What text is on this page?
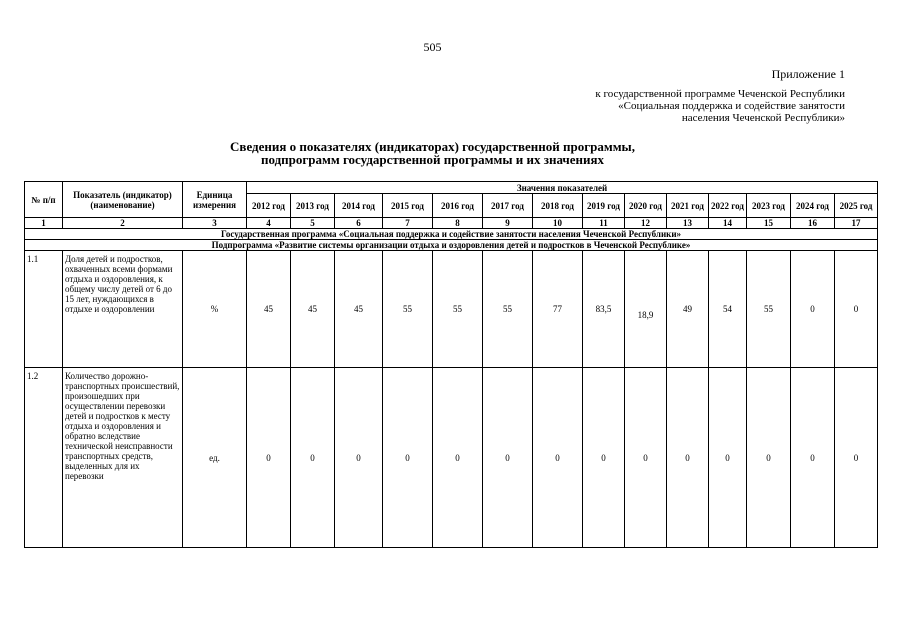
505
Приложение 1
к государственной программе Чеченской Республики
«Социальная поддержка и содействие занятости
населения Чеченской Республики»
Сведения о показателях (индикаторах) государственной программы,
подпрограмм государственной программы и их значениях
№ п/п	Показатель (индикатор) (наименование)	Единица измерения	Значения показателей													
			2012 год	2013 год	2014 год	2015 год	2016 год	2017 год	2018 год	2019 год	2020 год	2021 год	2022 год	2023 год	2024 год	2025 год
1	2	3	4	5	6	7	8	9	10	11	12	13	14	15	16	17
Государственная программа «Социальная поддержка и содействие занятости населения Чеченской Республики»																
Подпрограмма «Развитие системы организации отдыха и оздоровления детей и подростков в Чеченской Республике»																
1.1	Доля детей и подростков, охваченных всеми формами отдыха и оздоровления, к общему числу детей от 6 до 15 лет, нуждающихся в отдыхе и оздоровлении	%	45	45	45	55	55	55	77	83,5	18,9	49	54	55	0	0
1.2	Количество дорожно-транспортных происшествий, произошедших при осуществлении перевозки детей и подростков к месту отдыха и оздоровления и обратно вследствие технической неисправности транспортных средств, выделенных для их перевозки	ед.	0	0	0	0	0	0	0	0	0	0	0	0	0	0
